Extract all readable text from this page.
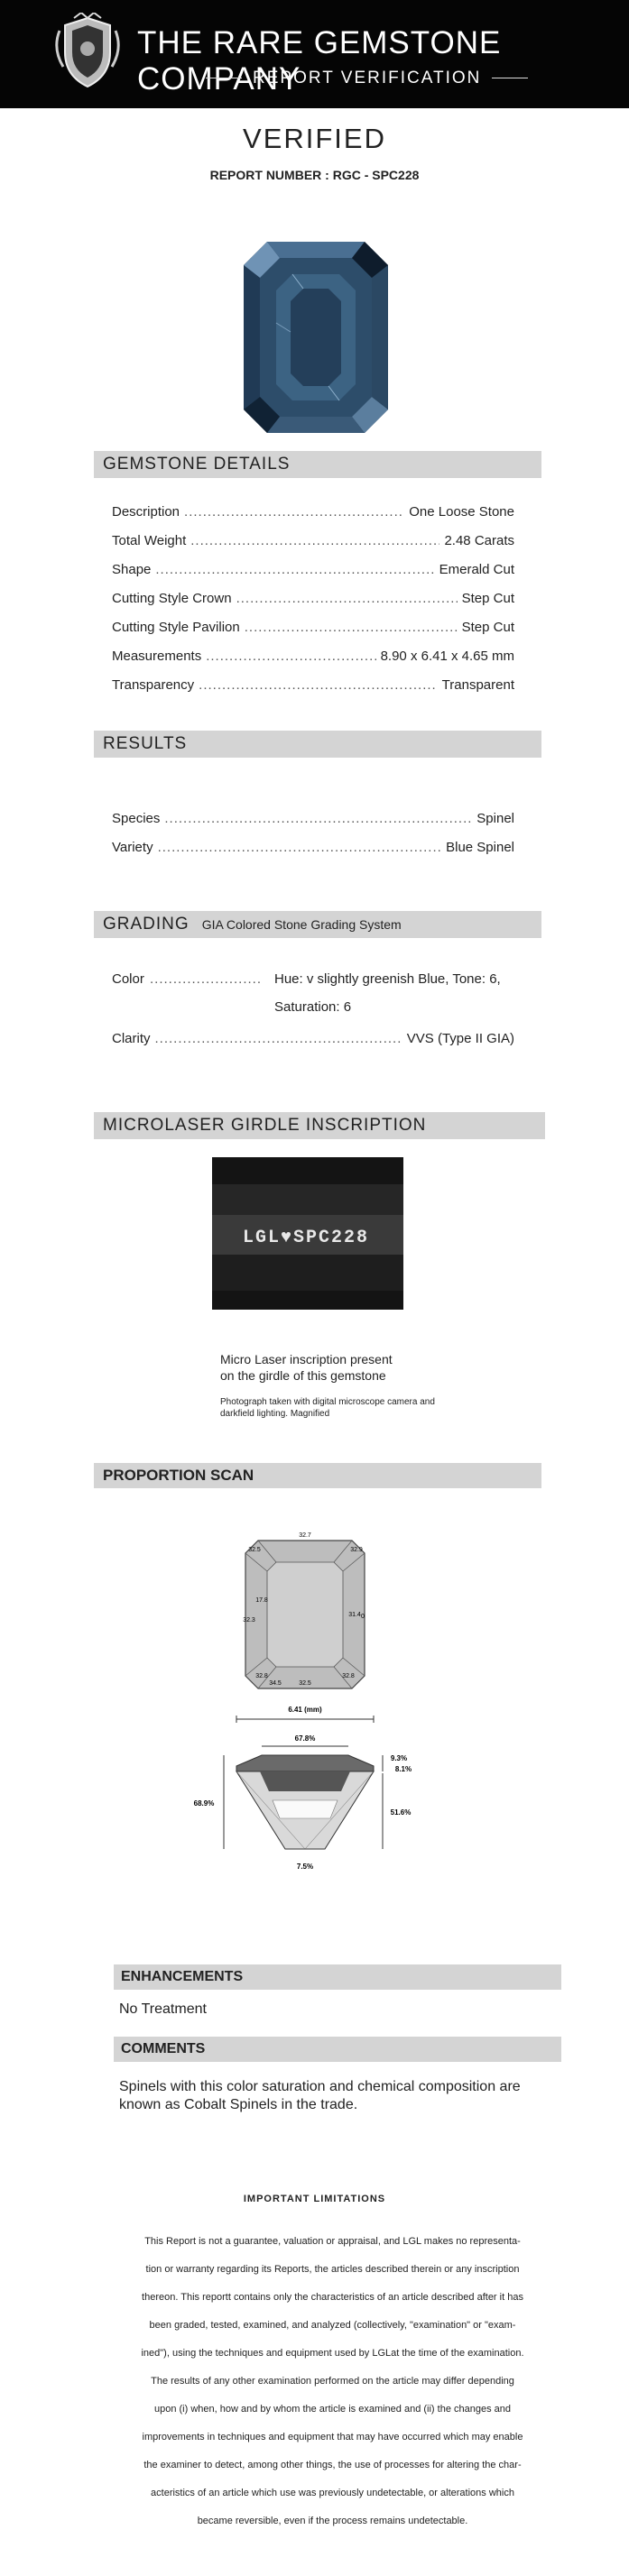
THE RARE GEMSTONE COMPANY
REPORT VERIFICATION
VERIFIED
REPORT NUMBER : RGC - SPC228
GEMSTONE DETAILS
Description .....	One Loose Stone
Total Weight .....	2.48 Carats
Shape .....	Emerald Cut
Cutting Style Crown .....	Step Cut
Cutting Style Pavilion .....	Step Cut
Measurements .....	8.90 x 6.41 x 4.65 mm
Transparency .....	Transparent
RESULTS
Species .....	Spinel
Variety .....	Blue Spinel
GRADING GIA Colored Stone Grading System
Color .....	Hue: v slightly greenish Blue, Tone: 6, Saturation: 6
Clarity .....	VVS (Type II GIA)
MICROLASER GIRDLE INSCRIPTION
LGL♥SPC228
Micro Laser inscription present
on the girdle of this gemstone
Photograph taken with digital microscope camera and darkfield lighting. Magnified
PROPORTION SCAN
32.7
32.5	32.9
17.8
32.3
31.4 0
32.8
34.5	32.5
32.8
6.41 (mm)
67.8%
68.9%
9.3%
8.1%
51.6%
7.5%
ENHANCEMENTS
No Treatment
COMMENTS
Spinels with this color saturation and chemical composition are
known as Cobalt Spinels in the trade.
IMPORTANT LIMITATIONS
This Report is not a guarantee, valuation or appraisal, and LGL makes no representa-
tion or warranty regarding its Reports, the articles described therein or any inscription
thereon. This reportt contains only the characteristics of an article described after it has
been graded, tested, examined, and analyzed (collectively, "examination" or "exam-
ined"), using the techniques and equipment used by LGLat the time of the examination.
The results of any other examination performed on the article may differ depending
upon (i) when, how and by whom the article is examined and (ii) the changes and
improvements in techniques and equipment that may have occurred which may enable
the examiner to detect, among other things, the use of processes for altering the char-
acteristics of an article which use was previously undetectable, or alterations which
became reversible, even if the process remains undetectable.
